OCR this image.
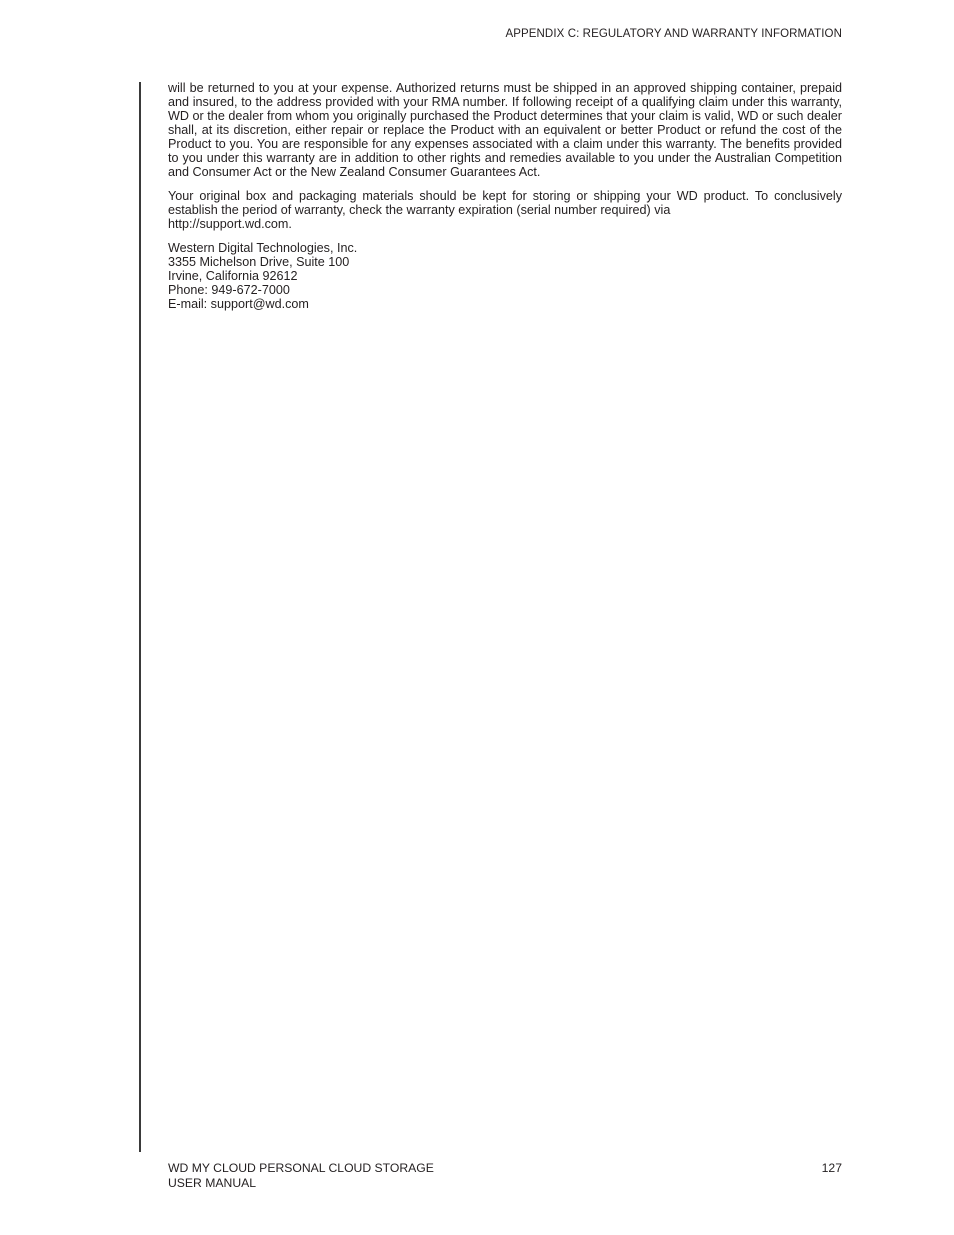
APPENDIX C: REGULATORY AND WARRANTY INFORMATION

will be returned to you at your expense. Authorized returns must be shipped in an approved shipping container, prepaid and insured, to the address provided with your RMA number. If following receipt of a qualifying claim under this warranty, WD or the dealer from whom you originally purchased the Product determines that your claim is valid, WD or such dealer shall, at its discretion, either repair or replace the Product with an equivalent or better Product or refund the cost of the Product to you. You are responsible for any expenses associated with a claim under this warranty. The benefits provided to you under this warranty are in addition to other rights and remedies available to you under the Australian Competition and Consumer Act or the New Zealand Consumer Guarantees Act.

Your original box and packaging materials should be kept for storing or shipping your WD product. To conclusively establish the period of warranty, check the warranty expiration (serial number required) via
http://support.wd.com.

Western Digital Technologies, Inc.
3355 Michelson Drive, Suite 100
Irvine, California 92612
Phone: 949-672-7000
E-mail: support@wd.com
WD MY CLOUD PERSONAL CLOUD STORAGE
USER MANUAL
127
